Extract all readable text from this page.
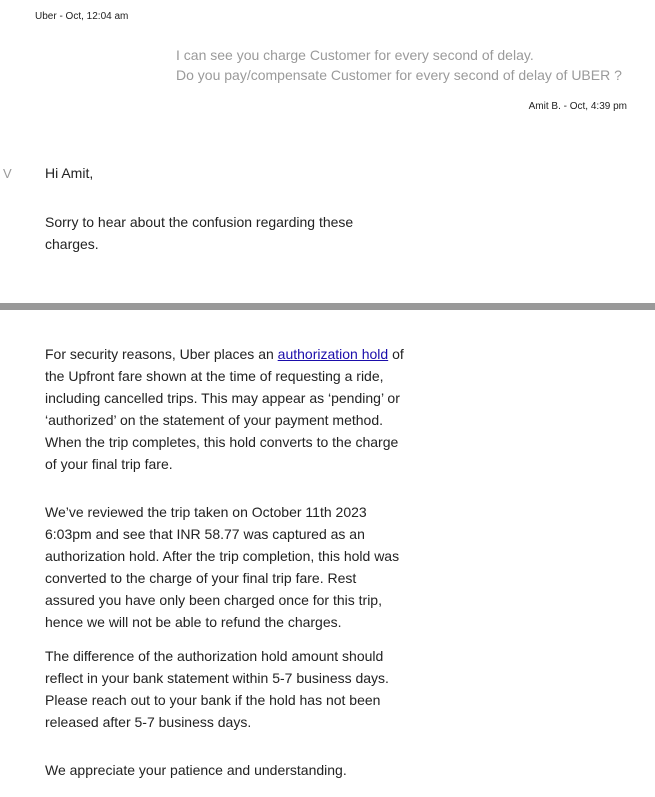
Uber - Oct, 12:04 am
I can see you charge Customer for every second of delay.
Do you pay/compensate Customer for every second of delay of UBER ?
Amit B. - Oct, 4:39 pm
V Hi Amit,

Sorry to hear about the confusion regarding these charges.

For security reasons, Uber places an authorization hold of the Upfront fare shown at the time of requesting a ride, including cancelled trips. This may appear as ‘pending’ or ‘authorized’ on the statement of your payment method. When the trip completes, this hold converts to the charge of your final trip fare.

We’ve reviewed the trip taken on October 11th 2023 6:03pm and see that INR 58.77 was captured as an authorization hold. After the trip completion, this hold was converted to the charge of your final trip fare. Rest assured you have only been charged once for this trip, hence we will not be able to refund the charges.

The difference of the authorization hold amount should reflect in your bank statement within 5-7 business days. Please reach out to your bank if the hold has not been released after 5-7 business days.

We appreciate your patience and understanding.
